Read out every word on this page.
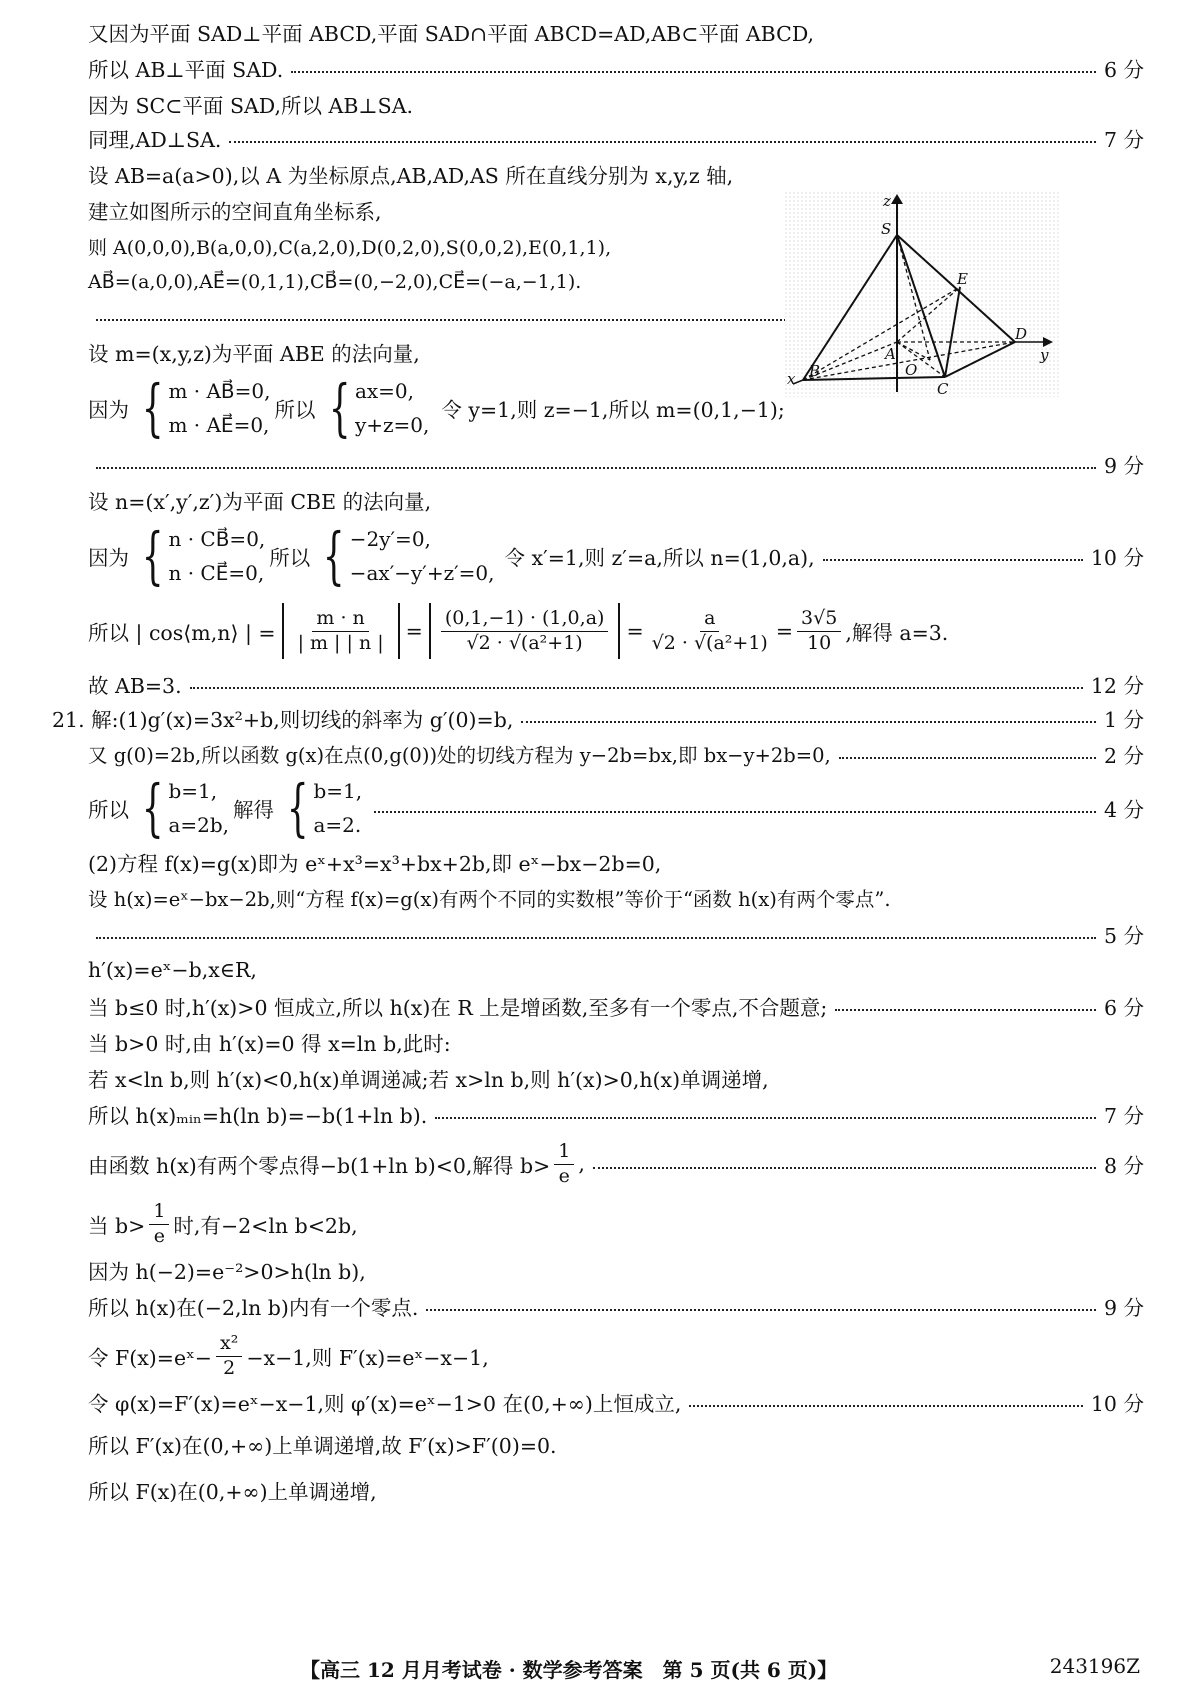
又因为平面 SAD⊥平面 ABCD,平面 SAD∩平面 ABCD=AD,AB⊂平面 ABCD,
所以 AB⊥平面 SAD.	6 分
因为 SC⊂平面 SAD,所以 AB⊥SA.
同理,AD⊥SA.	7 分
设 AB=a(a>0),以 A 为坐标原点,AB,AD,AS 所在直线分别为 x,y,z 轴,
建立如图所示的空间直角坐标系,
则 A(0,0,0),B(a,0,0),C(a,2,0),D(0,2,0),S(0,0,2),E(0,1,1),
AB⃗=(a,0,0),AE⃗=(0,1,1),CB⃗=(0,−2,0),CE⃗=(−a,−1,1).
设 m=(x,y,z)为平面 ABE 的法向量,
因为 { m · AB⃗=0,
m · AE⃗=0,
所以 { ax=0,
y+z=0,
令 y=1,则 z=−1,所以 m=(0,1,−1);
9 分
设 n=(x′,y′,z′)为平面 CBE 的法向量,
因为 { n · CB⃗=0,
n · CE⃗=0,
所以 { −2y′=0,
−ax′−y′+z′=0,
令 x′=1,则 z′=a,所以 n=(1,0,a),	10 分
所以 | cos⟨m,n⟩ | = $\frac{m \cdot n}{| m | | n |} = \frac{(0,1,-1) \cdot (1,0,a)}{\text{√2 · √(a²+1)}} = \frac{a}{\text{√2 · √(a²+1)}} = \frac{3√5}{10}$ ,解得 a=3.
故 AB=3.	12 分
21. 解:(1)g′(x)=3x²+b,则切线的斜率为 g′(0)=b,	1 分
又 g(0)=2b,所以函数 g(x)在点(0,g(0))处的切线方程为 y−2b=bx,即 bx−y+2b=0,	2 分
所以 { b=1,
a=2b,
解得 { b=1,
a=2.
4 分
(2)方程 f(x)=g(x)即为 eˣ+x³=x³+bx+2b,即 eˣ−bx−2b=0,
设 h(x)=eˣ−bx−2b,则“方程 f(x)=g(x)有两个不同的实数根”等价于“函数 h(x)有两个零点”.
5 分
h′(x)=eˣ−b,x∈R,
当 b≤0 时,h′(x)>0 恒成立,所以 h(x)在 R 上是增函数,至多有一个零点,不合题意;	6 分
当 b>0 时,由 h′(x)=0 得 x=ln b,此时:
若 x<ln b,则 h′(x)<0,h(x)单调递减;若 x>ln b,则 h′(x)>0,h(x)单调递增,
所以 h(x)ₘᵢₙ=h(ln b)=−b(1+ln b).	7 分
由函数 h(x)有两个零点得−b(1+ln b)<0,解得 $b> \frac{1}{e}$ ,	8 分
当 $b> \frac{1}{e}$ 时,有−2<ln b<2b,
因为 h(−2)=e⁻²>0>h(ln b),
所以 h(x)在(−2,ln b)内有一个零点.	9 分
令 F(x)=eˣ− $\frac{\text{x²}}{2} -x-1$,则 F′(x)=eˣ−x−1,
令 φ(x)=F′(x)=eˣ−x−1,则 φ′(x)=eˣ−1>0 在(0,+∞)上恒成立,	10 分
所以 F′(x)在(0,+∞)上单调递增,故 F′(x)>F′(0)=0.
所以 F(x)在(0,+∞)上单调递增,
z
S
E
D
y
A
O
B
C
x
【高三 12 月月考试卷 · 数学参考答案　第 5 页(共 6 页)】	243196Z
